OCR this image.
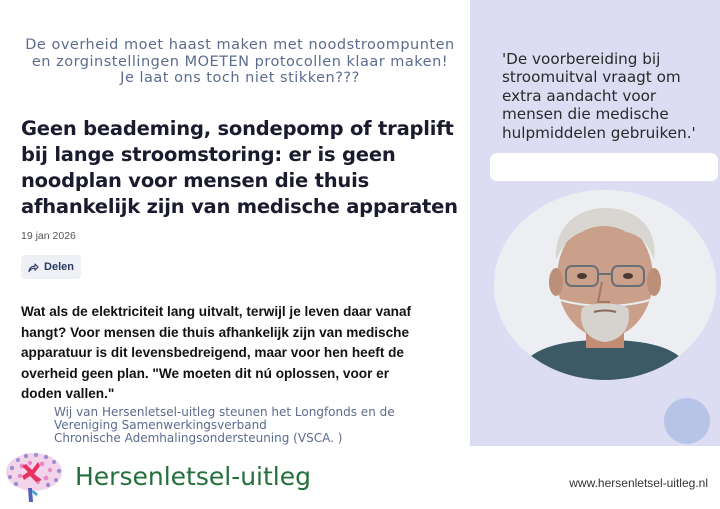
De overheid moet haast maken met noodstroompunten
en zorginstellingen MOETEN protocollen klaar maken!
Je laat ons toch niet stikken???
Geen beademing, sondepomp of traplift bij lange stroomstoring: er is geen noodplan voor mensen die thuis afhankelijk zijn van medische apparaten
19 jan 2026
Delen

Wat als de elektriciteit lang uitvalt, terwijl je leven daar vanaf hangt? Voor mensen die thuis afhankelijk zijn van medische apparatuur is dit levensbedreigend, maar voor hen heeft de overheid geen plan. "We moeten dit nú oplossen, voor er doden vallen."

Wij van Hersenletsel-uitleg steunen het Longfonds en de
Vereniging Samenwerkingsverband
Chronische Ademhalingsondersteuning (VSCA. )
Hersenletsel-uitleg
'De voorbereiding bij stroomuitval vraagt om extra aandacht voor mensen die medische hulpmiddelen gebruiken.'
www.hersenletsel-uitleg.nl
